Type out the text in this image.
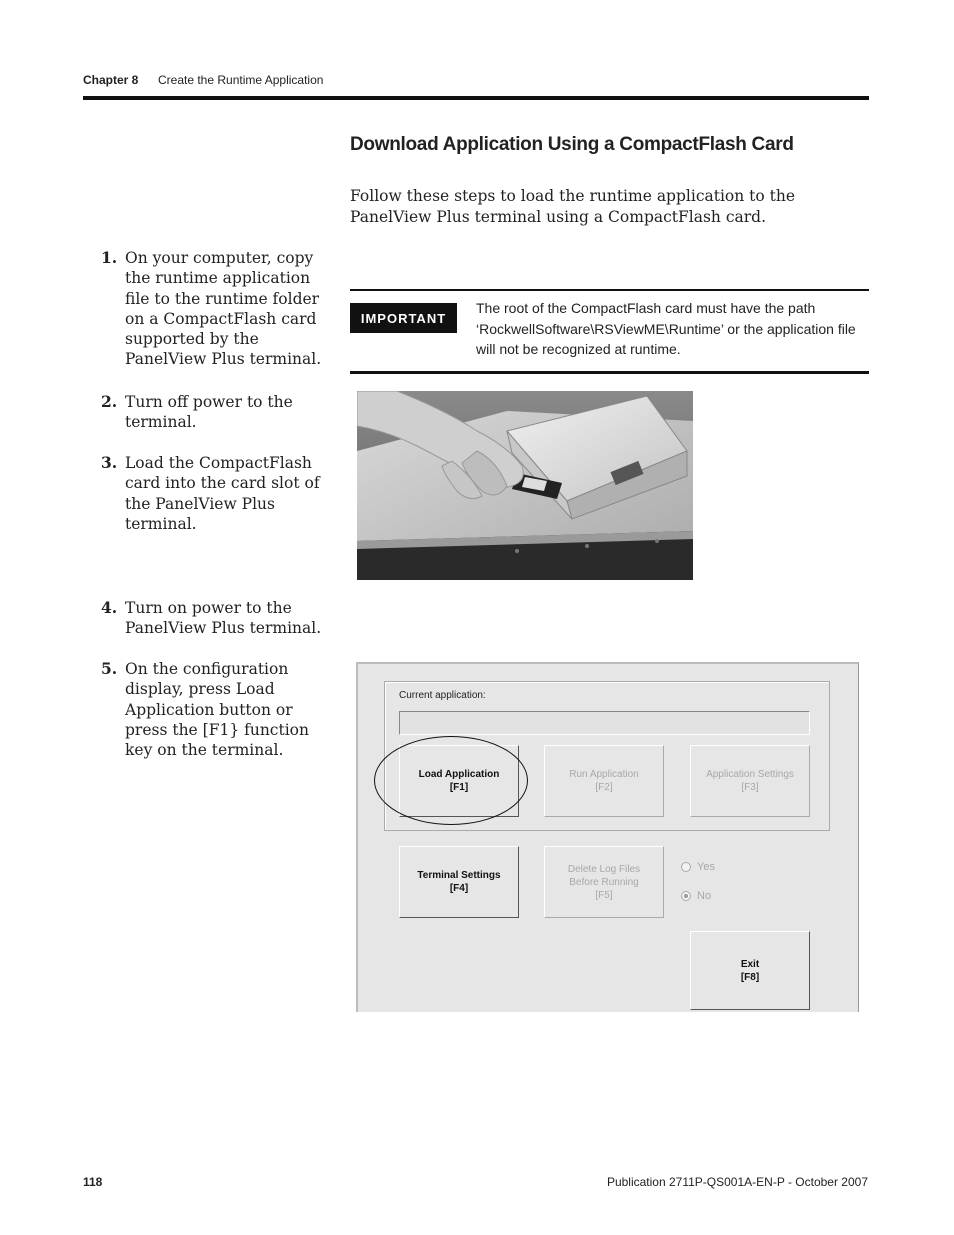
Chapter 8 Create the Runtime Application
Download Application Using a CompactFlash Card
Follow these steps to load the runtime application to the PanelView Plus terminal using a CompactFlash card.
1. On your computer, copy the runtime application file to the runtime folder on a CompactFlash card supported by the PanelView Plus terminal.
2. Turn off power to the terminal.
3. Load the CompactFlash card into the card slot of the PanelView Plus terminal.
4. Turn on power to the PanelView Plus terminal.
5. On the configuration display, press Load Application button or press the [F1} function key on the terminal.
IMPORTANT
The root of the CompactFlash card must have the path ‘RockwellSoftware\RSViewME\Runtime’ or the application file will not be recognized at runtime.
Current application:
Load Application
[F1]
Run Application
[F2]
Application Settings
[F3]
Terminal Settings
[F4]
Delete Log Files
Before Running
[F5]
Yes
No
Exit
[F8]
118	Publication 2711P-QS001A-EN-P - October 2007
